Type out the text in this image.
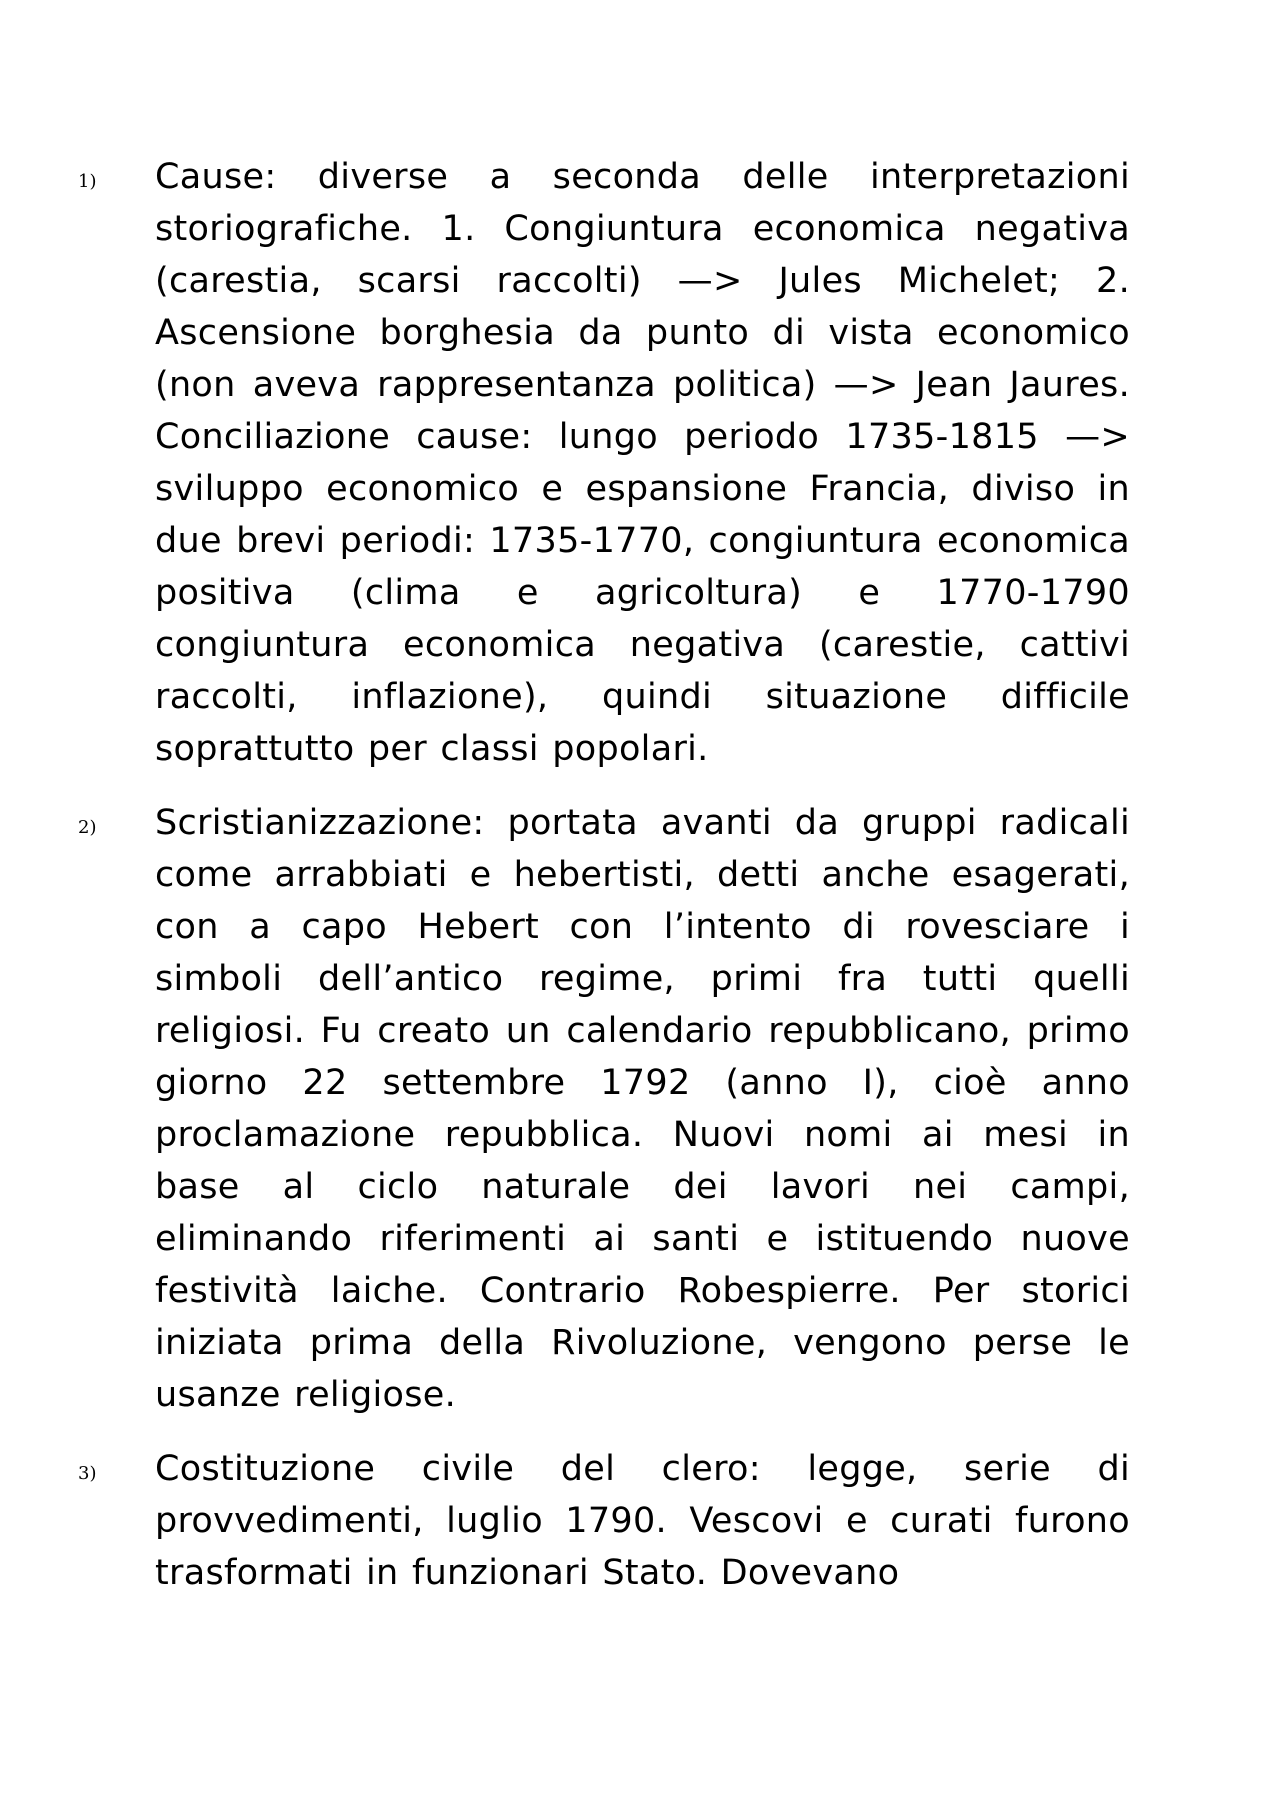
1) Cause: diverse a seconda delle interpretazioni storiografiche. 1. Congiuntura economica negativa (carestia, scarsi raccolti) —> Jules Michelet; 2. Ascensione borghesia da punto di vista economico (non aveva rappresentanza politica) —> Jean Jaures. Conciliazione cause: lungo periodo 1735-1815 —> sviluppo economico e espansione Francia, diviso in due brevi periodi: 1735-1770, congiuntura economica positiva (clima e agricoltura) e 1770-1790 congiuntura economica negativa (carestie, cattivi raccolti, inflazione), quindi situazione difficile soprattutto per classi popolari.
2) Scristianizzazione: portata avanti da gruppi radicali come arrabbiati e hebertisti, detti anche esagerati, con a capo Hebert con l’intento di rovesciare i simboli dell’antico regime, primi fra tutti quelli religiosi. Fu creato un calendario repubblicano, primo giorno 22 settembre 1792 (anno I), cioè anno proclamazione repubblica. Nuovi nomi ai mesi in base al ciclo naturale dei lavori nei campi, eliminando riferimenti ai santi e istituendo nuove festività laiche. Contrario Robespierre. Per storici iniziata prima della Rivoluzione, vengono perse le usanze religiose.
3) Costituzione civile del clero: legge, serie di provvedimenti, luglio 1790. Vescovi e curati furono trasformati in funzionari Stato. Dovevano
